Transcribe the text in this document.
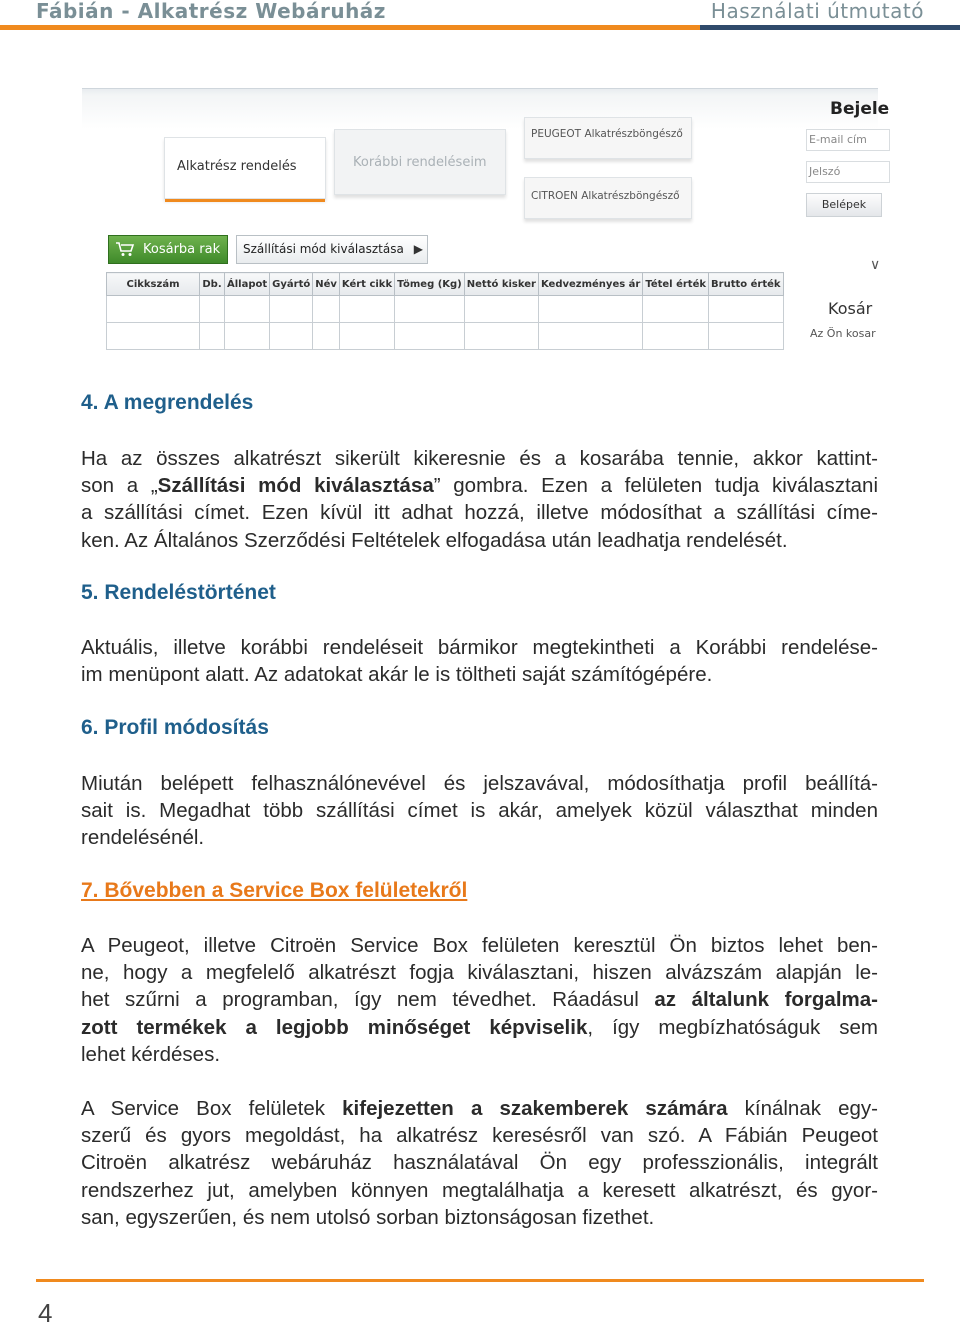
Fábián - Alkatrész Webáruház	Használati útmutató
Alkatrész rendelés	Korábbi rendeléseim
PEUGEOT Alkatrészböngésző
CITROEN Alkatrészböngésző
Bejele
E-mail cím
Jelszó
Belépek
∨
Kosár
Az Ön kosar
Kosárba rak Szállítási mód kiválasztása ▶
Cikkszám	Db.	Állapot	Gyártó	Név	Kért cikk	Tömeg (Kg)	Nettó kisker	Kedvezményes ár	Tétel érték	Brutto érték

4. A megrendelés
Ha az összes alkatrészt sikerült kikeresnie és a kosarába tennie, akkor kattint-
son a „Szállítási mód kiválasztása” gombra. Ezen a felületen tudja kiválasztani
a szállítási címet. Ezen kívül itt adhat hozzá, illetve módosíthat a szállítási címe-
ken. Az Általános Szerződési Feltételek elfogadása után leadhatja rendelését.
5. Rendeléstörténet
Aktuális, illetve korábbi rendeléseit bármikor megtekintheti a Korábbi rendelése-
im menüpont alatt. Az adatokat akár le is töltheti saját számítógépére.
6. Profil módosítás
Miután belépett felhasználónevével és jelszavával, módosíthatja profil beállítá-
sait is. Megadhat több szállítási címet is akár, amelyek közül választhat minden
rendelésénél.
7. Bővebben a Service Box felületekről
A Peugeot, illetve Citroën Service Box felületen keresztül Ön biztos lehet ben-
ne, hogy a megfelelő alkatrészt fogja kiválasztani, hiszen alvázszám alapján le-
het szűrni a programban, így nem tévedhet. Ráadásul az általunk forgalma-
zott termékek a legjobb minőséget képviselik, így megbízhatóságuk sem
lehet kérdéses.
A Service Box felületek kifejezetten a szakemberek számára kínálnak egy-
szerű és gyors megoldást, ha alkatrész keresésről van szó. A Fábián Peugeot
Citroën alkatrész webáruház használatával Ön egy professzionális, integrált
rendszerhez jut, amelyben könnyen megtalálhatja a keresett alkatrészt, és gyor-
san, egyszerűen, és nem utolsó sorban biztonságosan fizethet.
4
